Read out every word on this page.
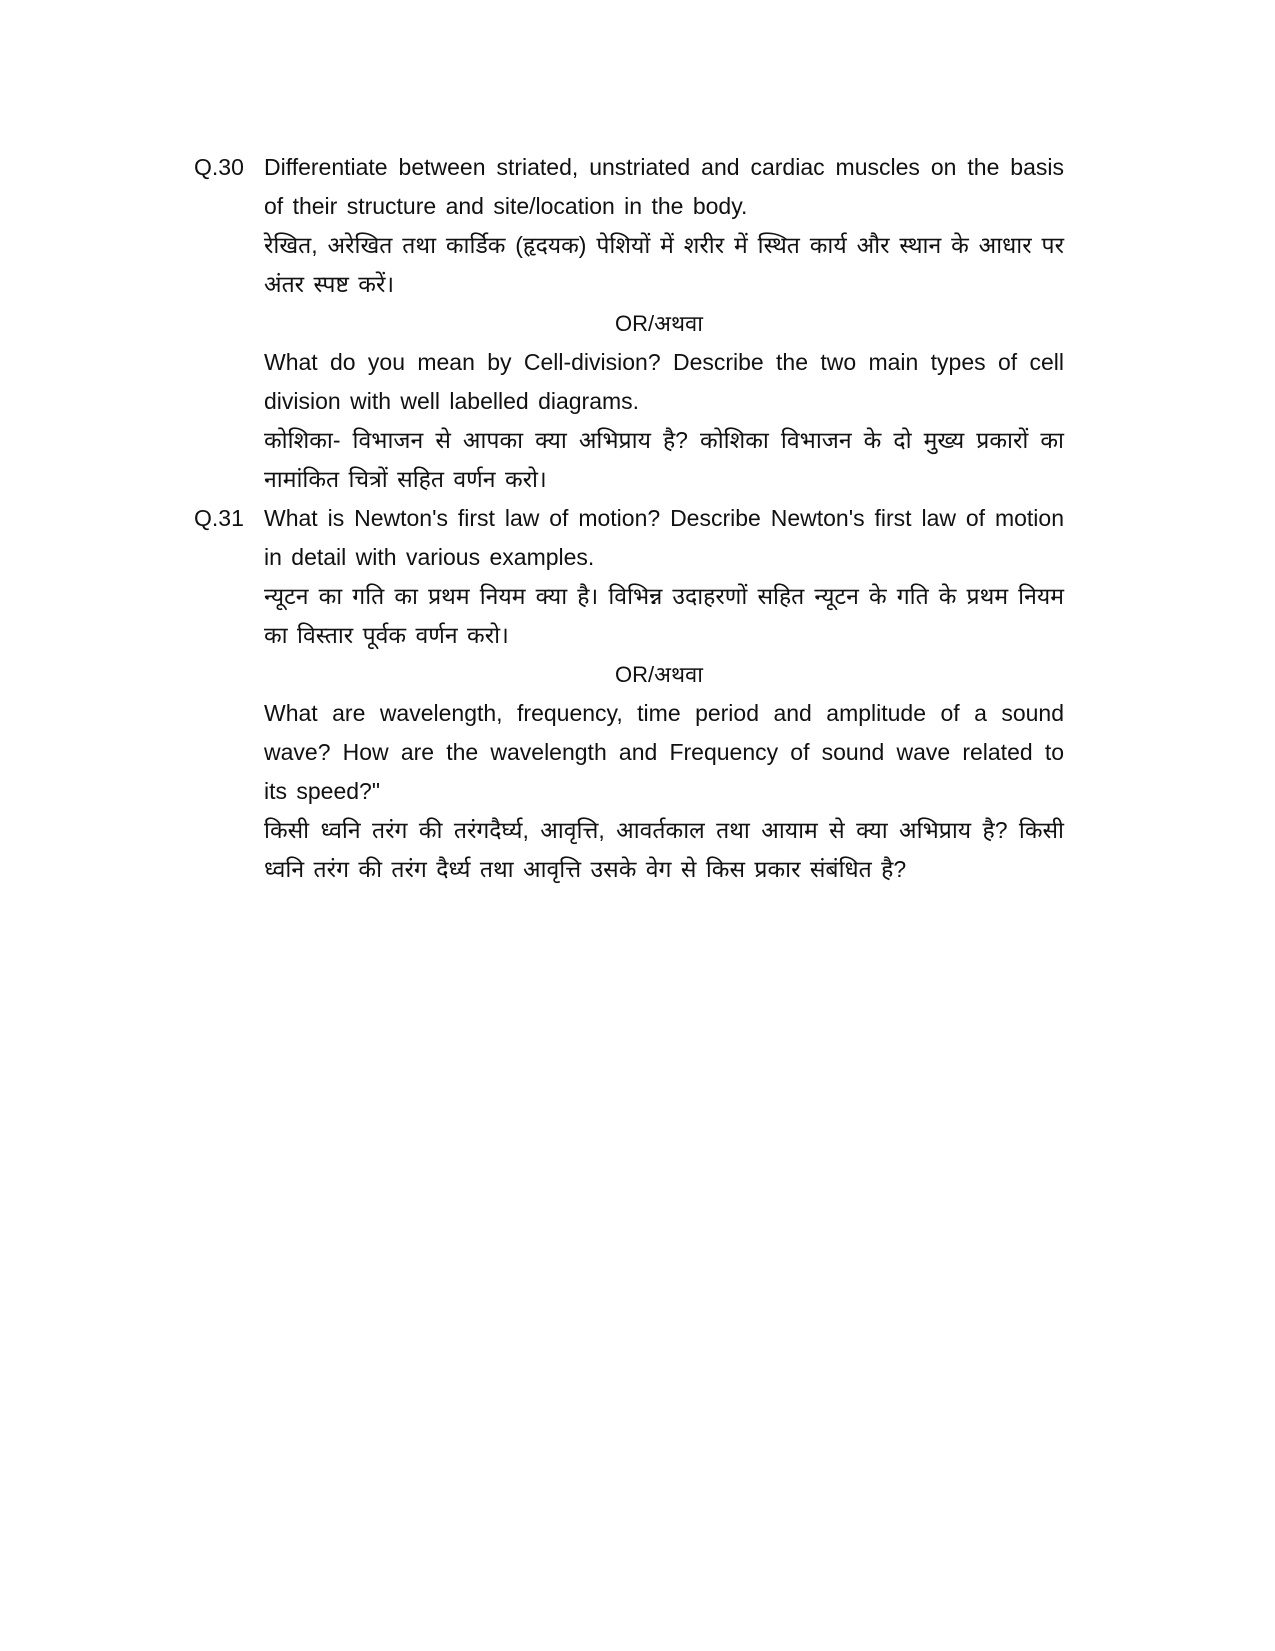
Q.30 Differentiate between striated, unstriated and cardiac muscles on the basis of their structure and site/location in the body.

रेखित, अरेखित तथा कार्डिक (हृदयक) पेशियों में शरीर में स्थित कार्य और स्थान के आधार पर अंतर स्पष्ट करें।

OR/अथवा

What do you mean by Cell-division? Describe the two main types of cell division with well labelled diagrams.

कोशिका- विभाजन से आपका क्या अभिप्राय है? कोशिका विभाजन के दो मुख्य प्रकारों का नामांकित चित्रों सहित वर्णन करो।

Q.31 What is Newton's first law of motion? Describe Newton's first law of motion in detail with various examples.

न्यूटन का गति का प्रथम नियम क्या है। विभिन्न उदाहरणों सहित न्यूटन के गति के प्रथम नियम का विस्तार पूर्वक वर्णन करो।

OR/अथवा

What are wavelength, frequency, time period and amplitude of a sound wave? How are the wavelength and Frequency of sound wave related to its speed?"

किसी ध्वनि तरंग की तरंगदैर्घ्य, आवृत्ति, आवर्तकाल तथा आयाम से क्या अभिप्राय है? किसी ध्वनि तरंग की तरंग दैर्ध्य तथा आवृत्ति उसके वेग से किस प्रकार संबंधित है?
